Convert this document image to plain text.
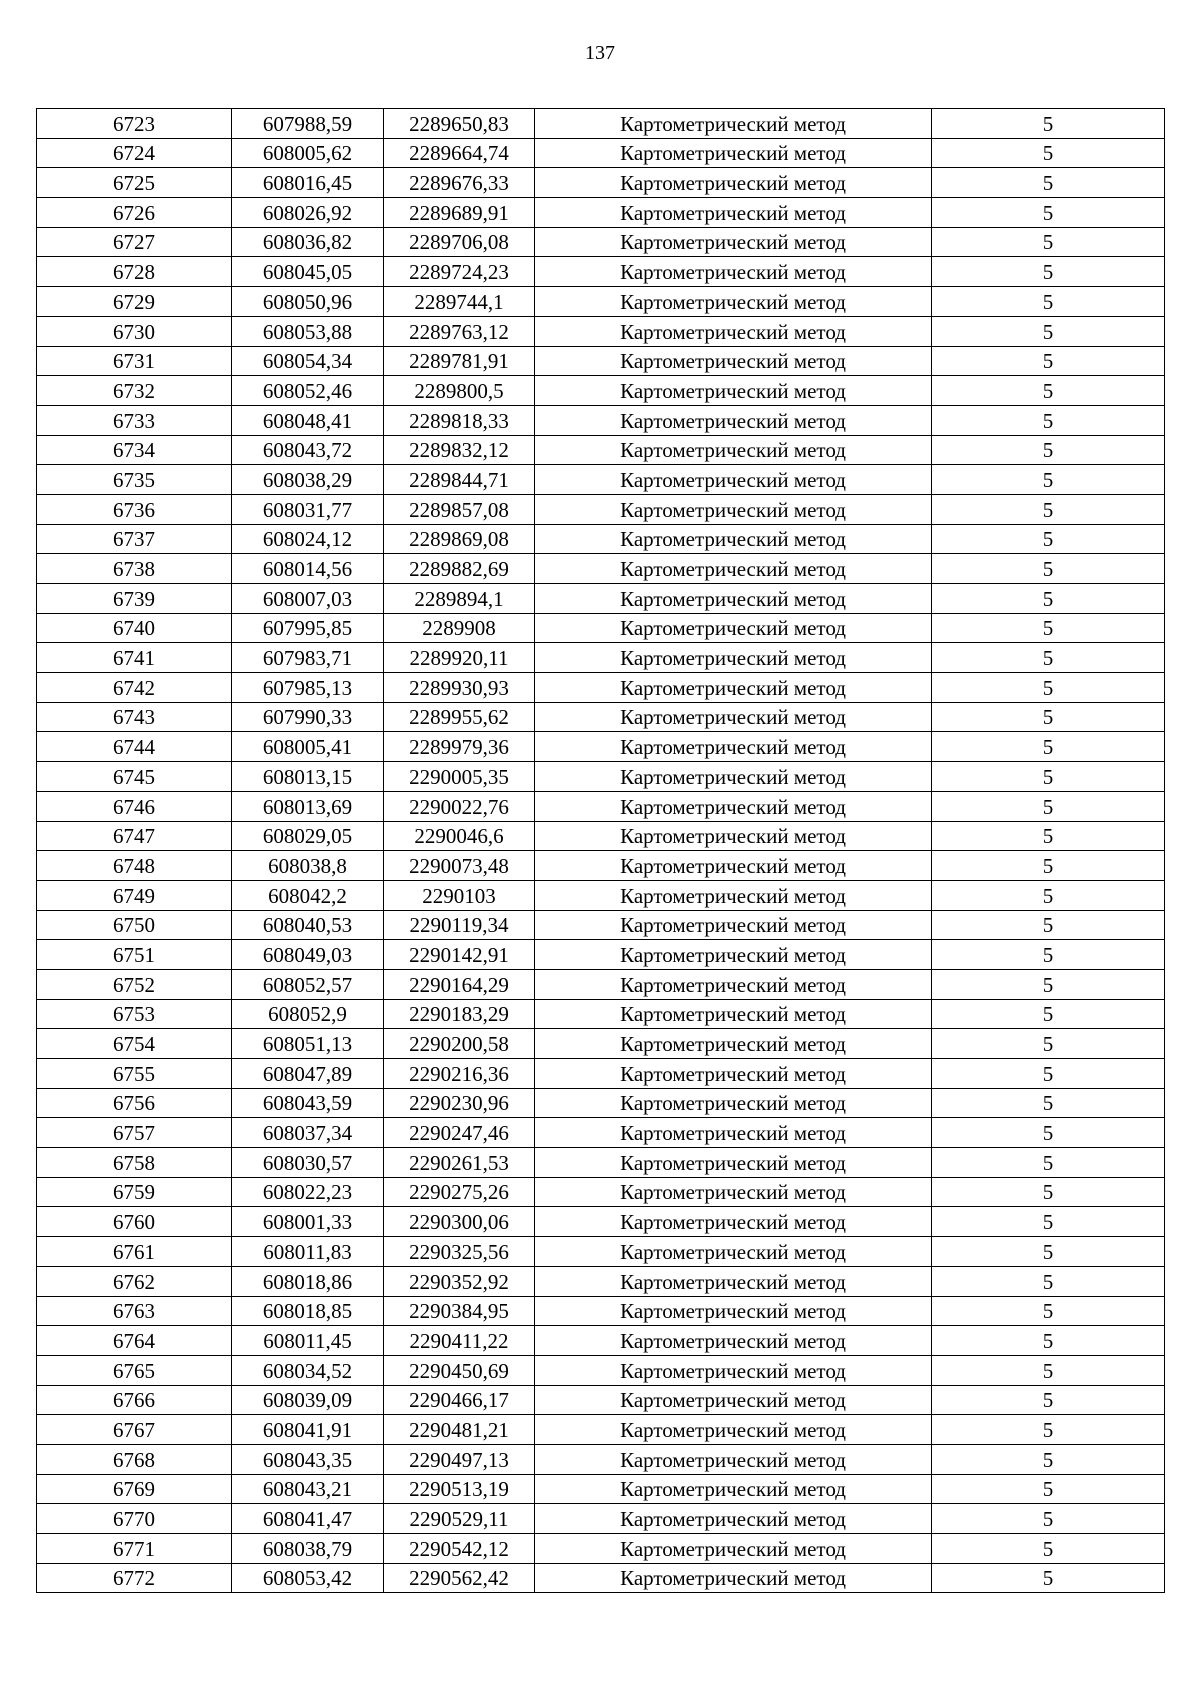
137
6723	607988,59	2289650,83	Картометрический метод	5
6724	608005,62	2289664,74	Картометрический метод	5
6725	608016,45	2289676,33	Картометрический метод	5
6726	608026,92	2289689,91	Картометрический метод	5
6727	608036,82	2289706,08	Картометрический метод	5
6728	608045,05	2289724,23	Картометрический метод	5
6729	608050,96	2289744,1	Картометрический метод	5
6730	608053,88	2289763,12	Картометрический метод	5
6731	608054,34	2289781,91	Картометрический метод	5
6732	608052,46	2289800,5	Картометрический метод	5
6733	608048,41	2289818,33	Картометрический метод	5
6734	608043,72	2289832,12	Картометрический метод	5
6735	608038,29	2289844,71	Картометрический метод	5
6736	608031,77	2289857,08	Картометрический метод	5
6737	608024,12	2289869,08	Картометрический метод	5
6738	608014,56	2289882,69	Картометрический метод	5
6739	608007,03	2289894,1	Картометрический метод	5
6740	607995,85	2289908	Картометрический метод	5
6741	607983,71	2289920,11	Картометрический метод	5
6742	607985,13	2289930,93	Картометрический метод	5
6743	607990,33	2289955,62	Картометрический метод	5
6744	608005,41	2289979,36	Картометрический метод	5
6745	608013,15	2290005,35	Картометрический метод	5
6746	608013,69	2290022,76	Картометрический метод	5
6747	608029,05	2290046,6	Картометрический метод	5
6748	608038,8	2290073,48	Картометрический метод	5
6749	608042,2	2290103	Картометрический метод	5
6750	608040,53	2290119,34	Картометрический метод	5
6751	608049,03	2290142,91	Картометрический метод	5
6752	608052,57	2290164,29	Картометрический метод	5
6753	608052,9	2290183,29	Картометрический метод	5
6754	608051,13	2290200,58	Картометрический метод	5
6755	608047,89	2290216,36	Картометрический метод	5
6756	608043,59	2290230,96	Картометрический метод	5
6757	608037,34	2290247,46	Картометрический метод	5
6758	608030,57	2290261,53	Картометрический метод	5
6759	608022,23	2290275,26	Картометрический метод	5
6760	608001,33	2290300,06	Картометрический метод	5
6761	608011,83	2290325,56	Картометрический метод	5
6762	608018,86	2290352,92	Картометрический метод	5
6763	608018,85	2290384,95	Картометрический метод	5
6764	608011,45	2290411,22	Картометрический метод	5
6765	608034,52	2290450,69	Картометрический метод	5
6766	608039,09	2290466,17	Картометрический метод	5
6767	608041,91	2290481,21	Картометрический метод	5
6768	608043,35	2290497,13	Картометрический метод	5
6769	608043,21	2290513,19	Картометрический метод	5
6770	608041,47	2290529,11	Картометрический метод	5
6771	608038,79	2290542,12	Картометрический метод	5
6772	608053,42	2290562,42	Картометрический метод	5
